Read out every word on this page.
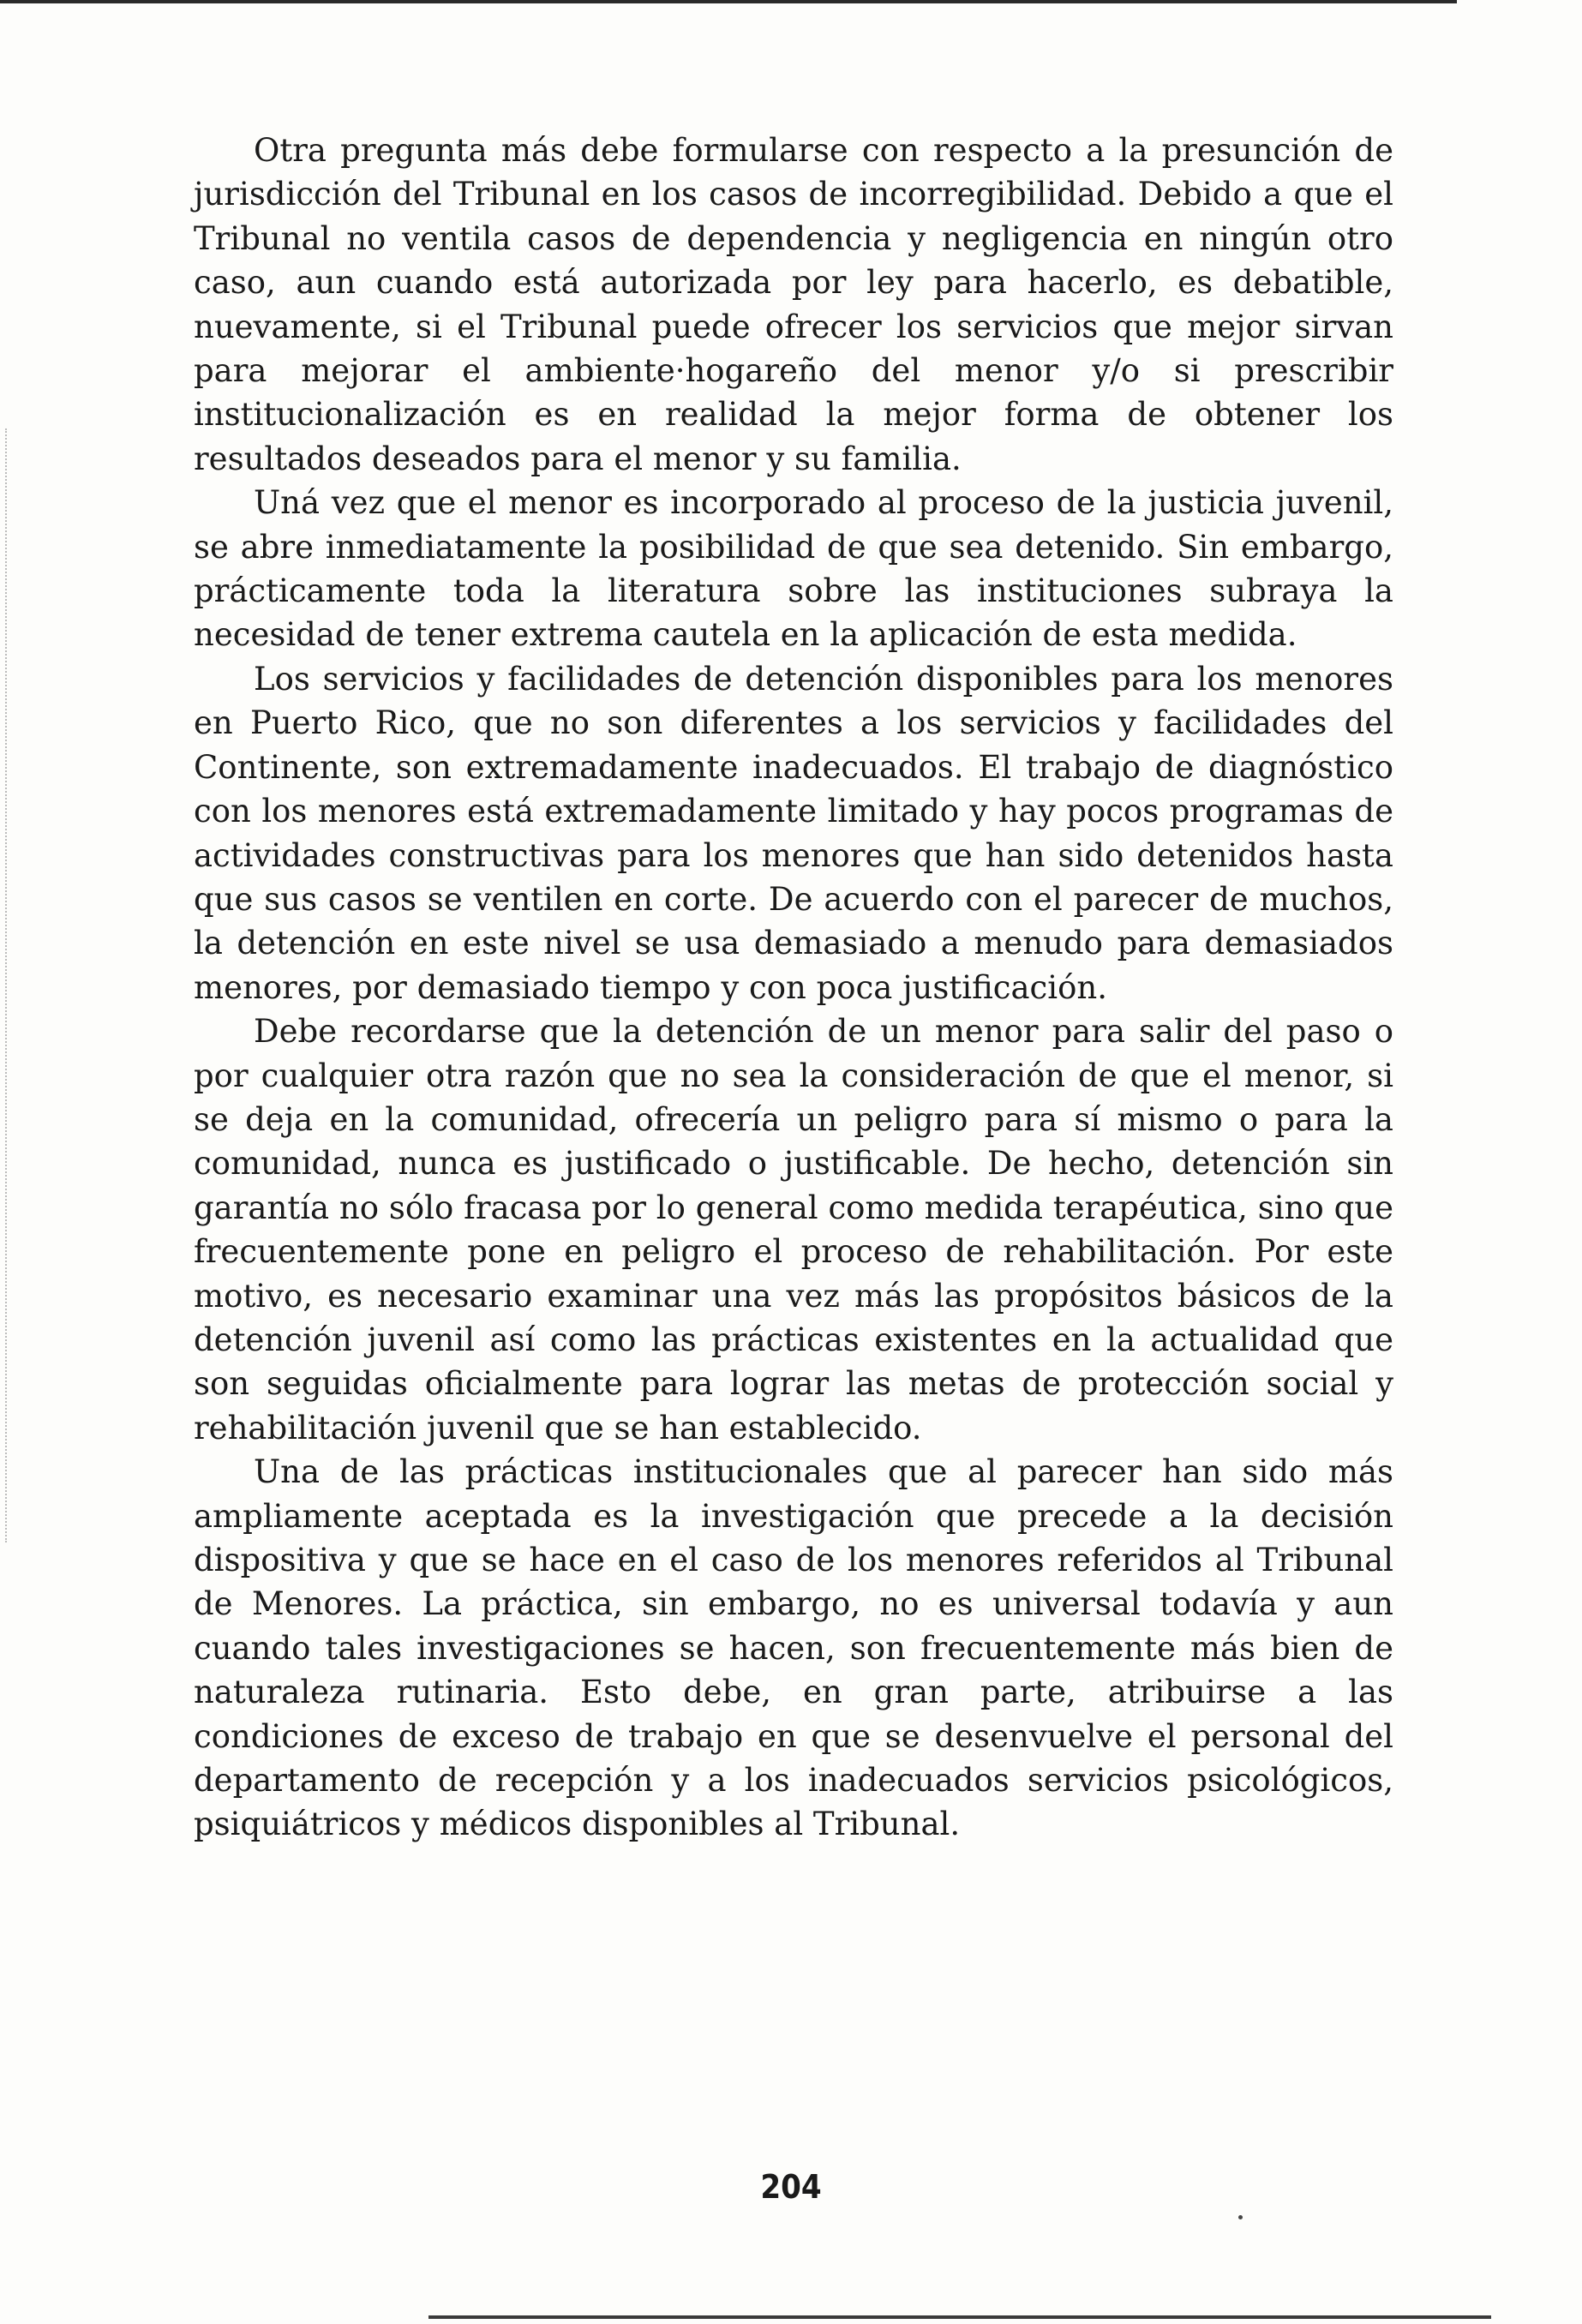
Otra pregunta más debe formularse con respecto a la presunción de jurisdicción del Tribunal en los casos de incorregibilidad. Debido a que el Tribunal no ventila casos de dependencia y negligencia en ningún otro caso, aun cuando está autorizada por ley para hacerlo, es debatible, nuevamente, si el Tribunal puede ofrecer los servicios que mejor sirvan para mejorar el ambiente·hogareño del menor y/o si prescribir institucionalización es en realidad la mejor forma de obtener los resultados deseados para el menor y su familia.

Uná vez que el menor es incorporado al proceso de la justicia juvenil, se abre inmediatamente la posibilidad de que sea detenido. Sin embargo, prácticamente toda la literatura sobre las instituciones subraya la necesidad de tener extrema cautela en la aplicación de esta medida.

Los servicios y facilidades de detención disponibles para los menores en Puerto Rico, que no son diferentes a los servicios y facilidades del Continente, son extremadamente inadecuados. El trabajo de diagnóstico con los menores está extremadamente limitado y hay pocos programas de actividades constructivas para los menores que han sido detenidos hasta que sus casos se ventilen en corte. De acuerdo con el parecer de muchos, la detención en este nivel se usa demasiado a menudo para demasiados menores, por demasiado tiempo y con poca justificación.

Debe recordarse que la detención de un menor para salir del paso o por cualquier otra razón que no sea la consideración de que el menor, si se deja en la comunidad, ofrecería un peligro para sí mismo o para la comunidad, nunca es justificado o justificable. De hecho, detención sin garantía no sólo fracasa por lo general como medida terapéutica, sino que frecuentemente pone en peligro el proceso de rehabilitación. Por este motivo, es necesario examinar una vez más las propósitos básicos de la detención juvenil así como las prácticas existentes en la actualidad que son seguidas oficialmente para lograr las metas de protección social y rehabilitación juvenil que se han establecido.

Una de las prácticas institucionales que al parecer han sido más ampliamente aceptada es la investigación que precede a la decisión dispositiva y que se hace en el caso de los menores referidos al Tribunal de Menores. La práctica, sin embargo, no es universal todavía y aun cuando tales investigaciones se hacen, son frecuentemente más bien de naturaleza rutinaria. Esto debe, en gran parte, atribuirse a las condiciones de exceso de trabajo en que se desenvuelve el personal del departamento de recepción y a los inadecuados servicios psicológicos, psiquiátricos y médicos disponibles al Tribunal.

204
